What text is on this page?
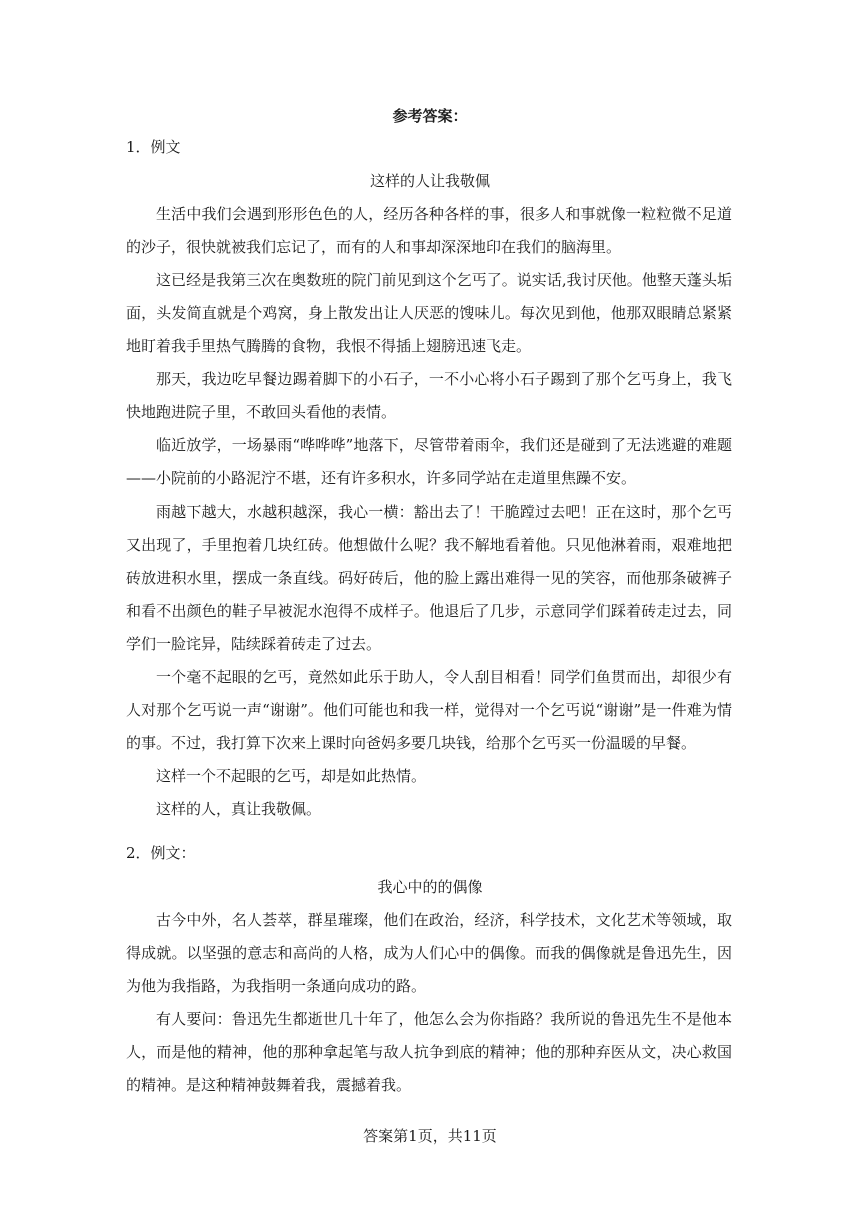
参考答案：
1．例文
这样的人让我敬佩

生活中我们会遇到形形色色的人，经历各种各样的事，很多人和事就像一粒粒微不足道的沙子，很快就被我们忘记了，而有的人和事却深深地印在我们的脑海里。

这已经是我第三次在奥数班的院门前见到这个乞丐了。说实话,我讨厌他。他整天蓬头垢面，头发简直就是个鸡窝，身上散发出让人厌恶的馊味儿。每次见到他，他那双眼睛总紧紧地盯着我手里热气腾腾的食物，我恨不得插上翅膀迅速飞走。

那天，我边吃早餐边踢着脚下的小石子，一不小心将小石子踢到了那个乞丐身上，我飞快地跑进院子里，不敢回头看他的表情。

临近放学，一场暴雨“哗哗哗”地落下，尽管带着雨伞，我们还是碰到了无法逃避的难题——小院前的小路泥泞不堪，还有许多积水，许多同学站在走道里焦躁不安。

雨越下越大，水越积越深，我心一横：豁出去了！干脆蹚过去吧！正在这时，那个乞丐又出现了，手里抱着几块红砖。他想做什么呢？我不解地看着他。只见他淋着雨，艰难地把砖放进积水里，摆成一条直线。码好砖后，他的脸上露出难得一见的笑容，而他那条破裤子和看不出颜色的鞋子早被泥水泡得不成样子。他退后了几步，示意同学们踩着砖走过去，同学们一脸诧异，陆续踩着砖走了过去。

一个毫不起眼的乞丐，竟然如此乐于助人，令人刮目相看！同学们鱼贯而出，却很少有人对那个乞丐说一声“谢谢”。他们可能也和我一样，觉得对一个乞丐说“谢谢”是一件难为情的事。不过，我打算下次来上课时向爸妈多要几块钱，给那个乞丐买一份温暖的早餐。

这样一个不起眼的乞丐，却是如此热情。

这样的人，真让我敬佩。

2．例文：
我心中的的偶像

古今中外，名人荟萃，群星璀璨，他们在政治，经济，科学技术，文化艺术等领域，取得成就。以坚强的意志和高尚的人格，成为人们心中的偶像。而我的偶像就是鲁迅先生，因为他为我指路，为我指明一条通向成功的路。

有人要问：鲁迅先生都逝世几十年了，他怎么会为你指路？我所说的鲁迅先生不是他本人，而是他的精神，他的那种拿起笔与敌人抗争到底的精神；他的那种弃医从文，决心救国的精神。是这种精神鼓舞着我，震撼着我。

答案第1页，共11页
